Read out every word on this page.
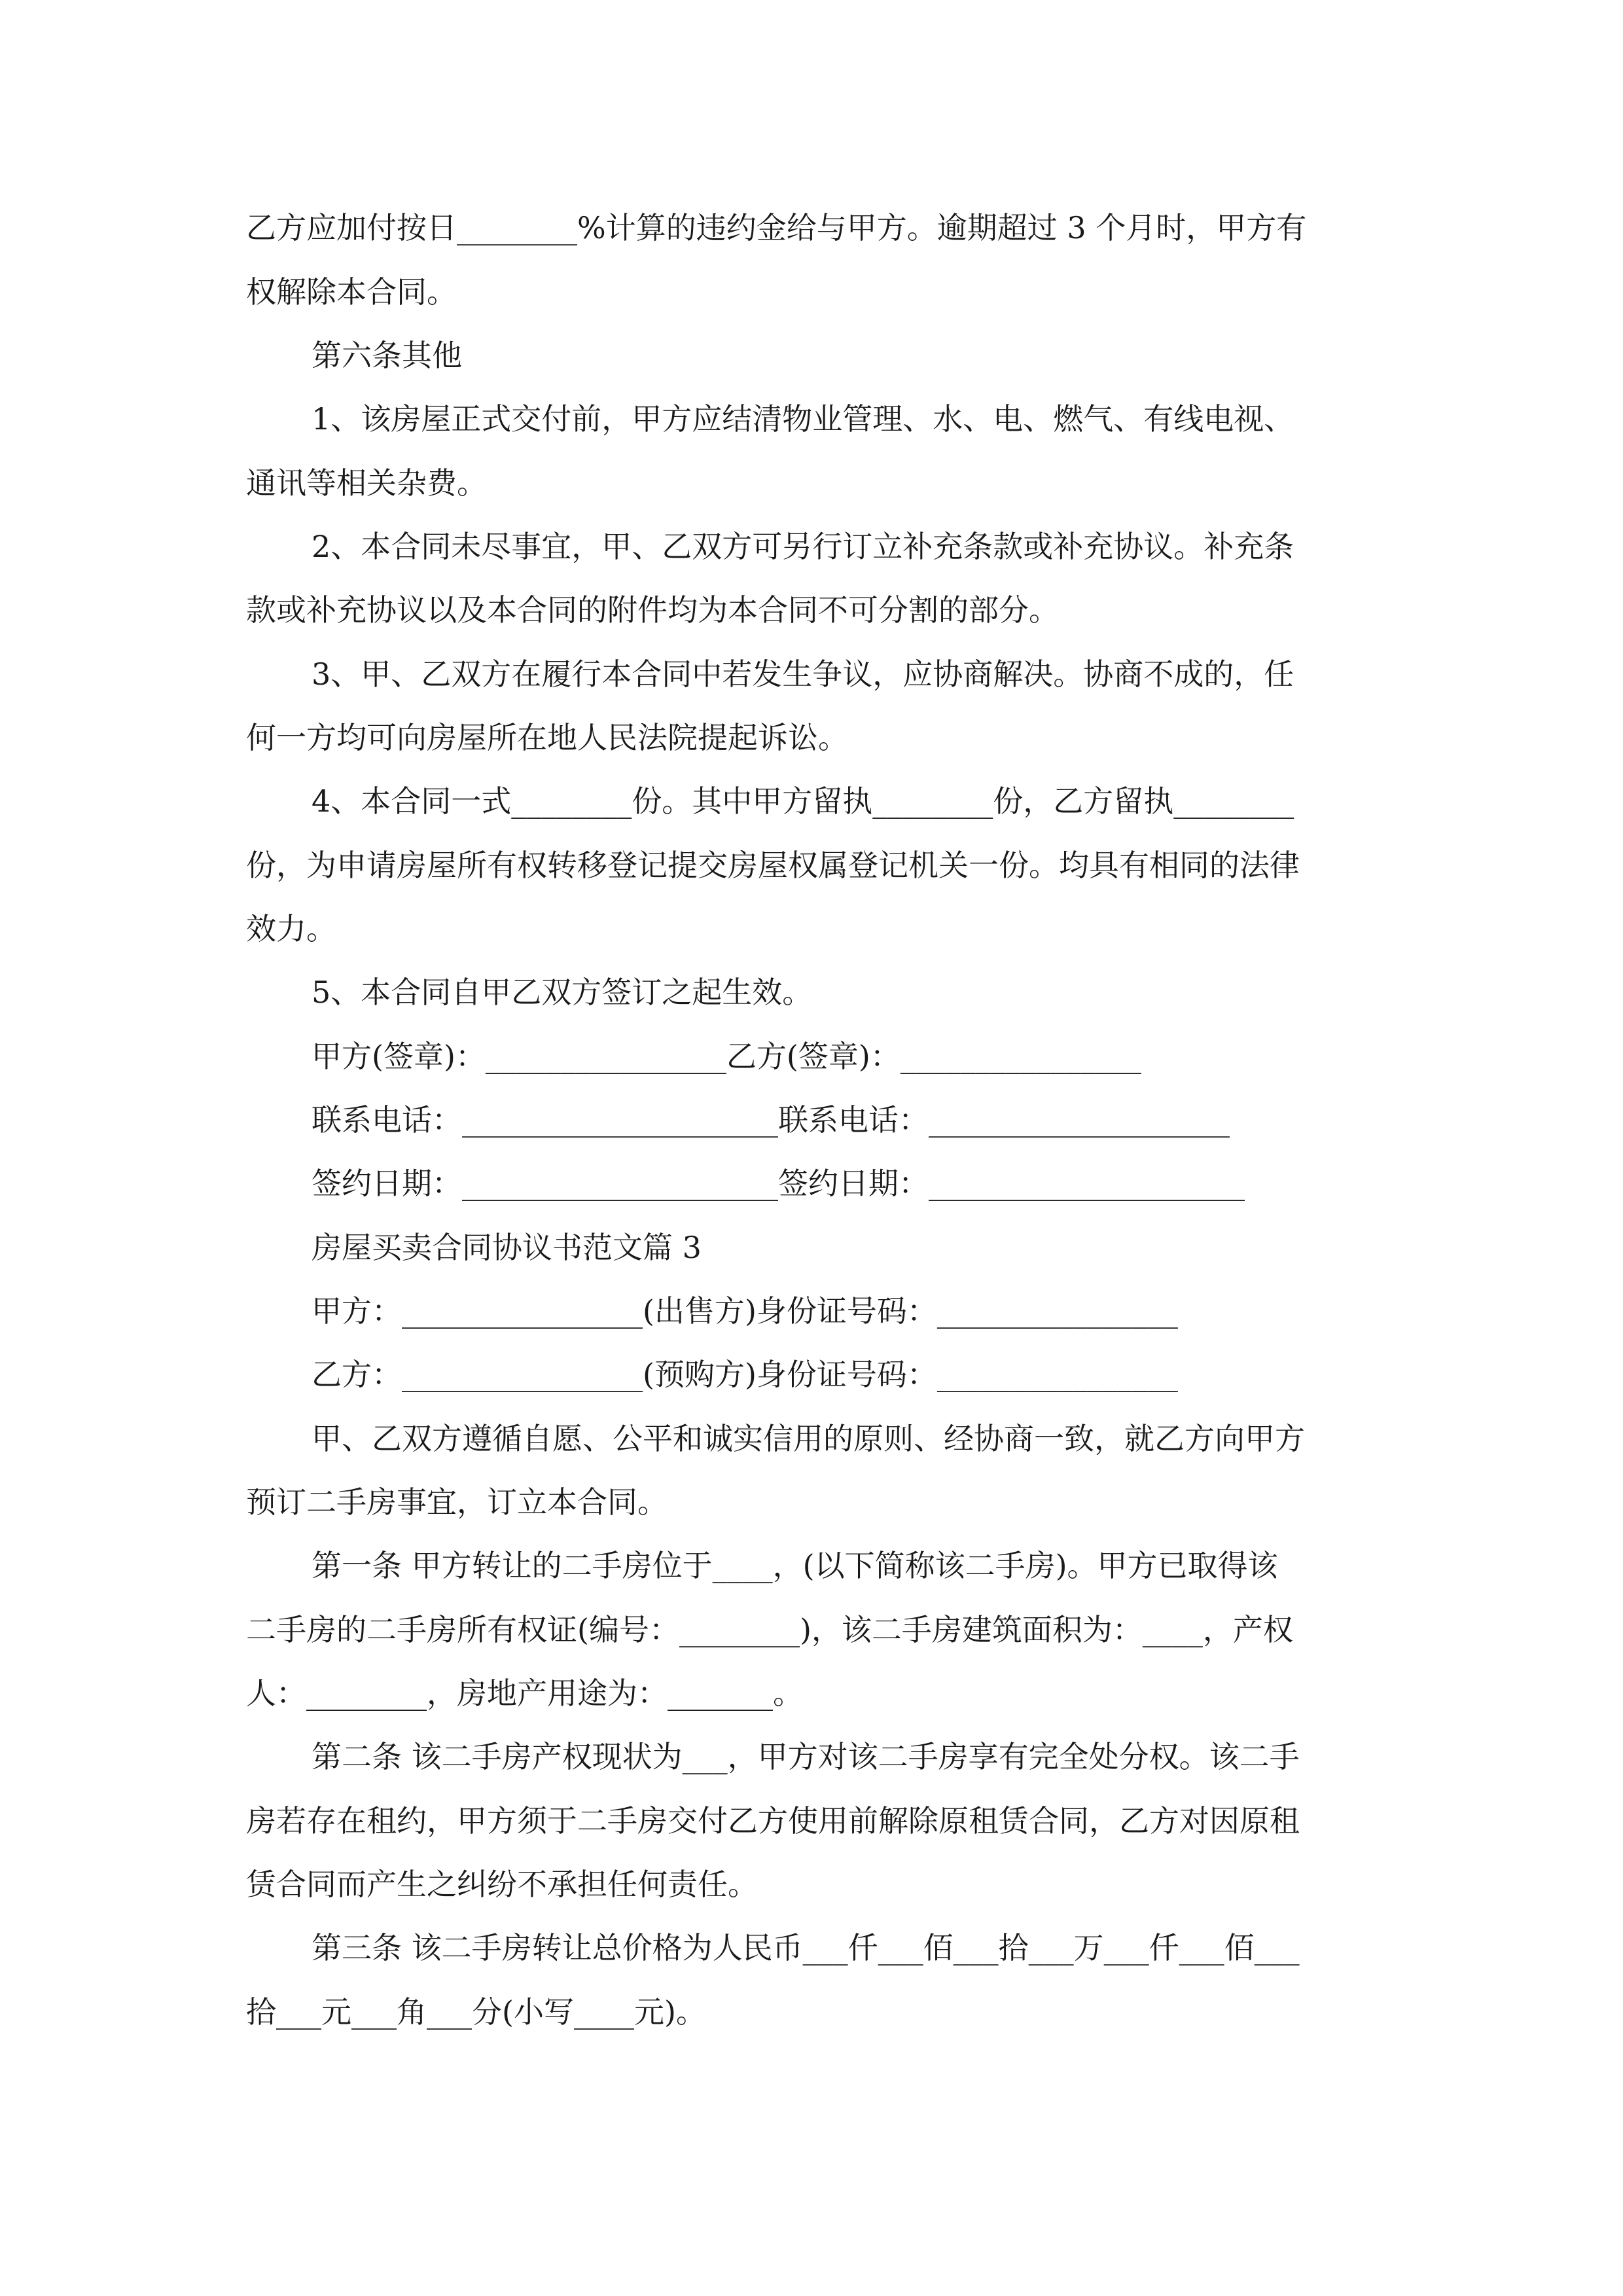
乙方应加付按日________%计算的违约金给与甲方。逾期超过 3 个月时，甲方有
权解除本合同。
第六条其他
1、该房屋正式交付前，甲方应结清物业管理、水、电、燃气、有线电视、
通讯等相关杂费。
2、本合同未尽事宜，甲、乙双方可另行订立补充条款或补充协议。补充条
款或补充协议以及本合同的附件均为本合同不可分割的部分。
3、甲、乙双方在履行本合同中若发生争议，应协商解决。协商不成的，任
何一方均可向房屋所在地人民法院提起诉讼。
4、本合同一式________份。其中甲方留执________份，乙方留执________
份，为申请房屋所有权转移登记提交房屋权属登记机关一份。均具有相同的法律
效力。
5、本合同自甲乙双方签订之起生效。
甲方(签章)：________________乙方(签章)：________________
联系电话：_____________________联系电话：____________________
签约日期：_____________________签约日期：_____________________
房屋买卖合同协议书范文篇 3
甲方：________________(出售方)身份证号码：________________
乙方：________________(预购方)身份证号码：________________
甲、乙双方遵循自愿、公平和诚实信用的原则、经协商一致，就乙方向甲方
预订二手房事宜，订立本合同。
第一条 甲方转让的二手房位于____，(以下简称该二手房)。甲方已取得该
二手房的二手房所有权证(编号：________)，该二手房建筑面积为：____，产权
人：________，房地产用途为：_______。
第二条 该二手房产权现状为___，甲方对该二手房享有完全处分权。该二手
房若存在租约，甲方须于二手房交付乙方使用前解除原租赁合同，乙方对因原租
赁合同而产生之纠纷不承担任何责任。
第三条 该二手房转让总价格为人民币___仟___佰___拾___万___仟___佰___
拾___元___角___分(小写____元)。
